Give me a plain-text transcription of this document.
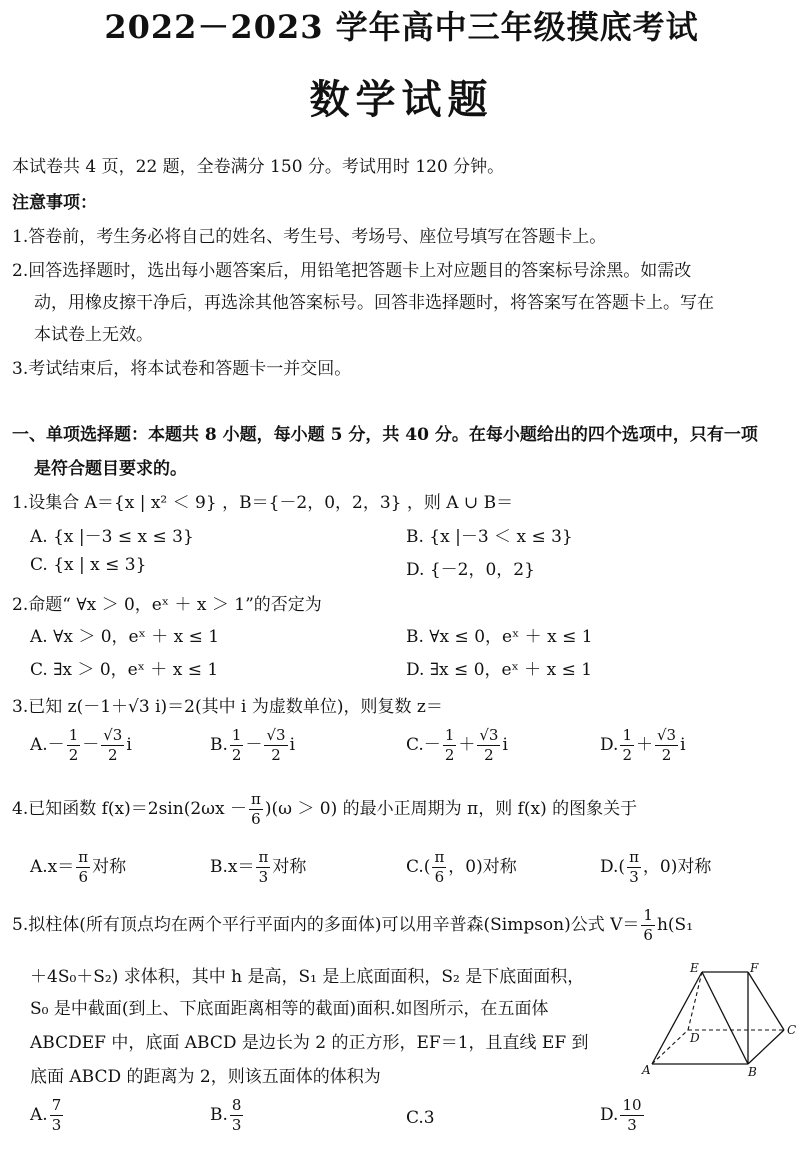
2022－2023 学年高中三年级摸底考试
数学试题
本试卷共 4 页，22 题，全卷满分 150 分。考试用时 120 分钟。
注意事项：
1.答卷前，考生务必将自己的姓名、考生号、考场号、座位号填写在答题卡上。
2.回答选择题时，选出每小题答案后，用铅笔把答题卡上对应题目的答案标号涂黑。如需改
动，用橡皮擦干净后，再选涂其他答案标号。回答非选择题时，将答案写在答题卡上。写在
本试卷上无效。
3.考试结束后，将本试卷和答题卡一并交回。
一、单项选择题：本题共 8 小题，每小题 5 分，共 40 分。在每小题给出的四个选项中，只有一项
是符合题目要求的。
1.设集合 A＝{x | x² ＜ 9} ，B＝{－2，0，2，3} ，则 A ∪ B＝
A. {x |－3 ≤ x ≤ 3}	B. {x |－3 ＜ x ≤ 3}
C. {x | x ≤ 3}	D. {－2，0，2}
2.命题“ ∀x ＞ 0，eˣ ＋ x ＞ 1”的否定为
A. ∀x ＞ 0，eˣ ＋ x ≤ 1	B. ∀x ≤ 0，eˣ ＋ x ≤ 1
C. ∃x ＞ 0，eˣ ＋ x ≤ 1	D. ∃x ≤ 0，eˣ ＋ x ≤ 1
3.已知 z(－1＋√3 i)＝2(其中 i 为虚数单位)，则复数 z＝
$A.- \frac{1}{2} - \frac{√3}{2}$ i	B. $\frac{1}{2} - \frac{√3}{2}$ i	$C.- \frac{1}{2} + \frac{√3}{2}$ i	D. $\frac{1}{2} + \frac{√3}{2}$ i
4.已知函数 $f(x)=2\sin(2\omega x - \frac{\pi}{6} )(\omega > 0)$ 的最小正周期为 π，则 f(x) 的图象关于
$A.x= \frac{\pi}{6}$ 对称	$B.x= \frac{\pi}{3}$ 对称	$C.( \frac{\pi}{6}$ ，0)对称	$D.( \frac{\pi}{3}$ ，0)对称
5.拟柱体(所有顶点均在两个平行平面内的多面体)可以用辛普森(Simpson)公式 $V= \frac{1}{6} h(S_1$
＋4S₀＋S₂) 求体积，其中 h 是高，S₁ 是上底面面积，S₂ 是下底面面积，
S₀ 是中截面(到上、下底面距离相等的截面)面积.如图所示，在五面体
ABCDEF 中，底面 ABCD 是边长为 2 的正方形，EF＝1，且直线 EF 到
底面 ABCD 的距离为 2，则该五面体的体积为
E	F
D
C
A	B
A. $\frac{7}{3}$	B. $\frac{8}{3}$	C.3	D. $\frac{10}{3}$
